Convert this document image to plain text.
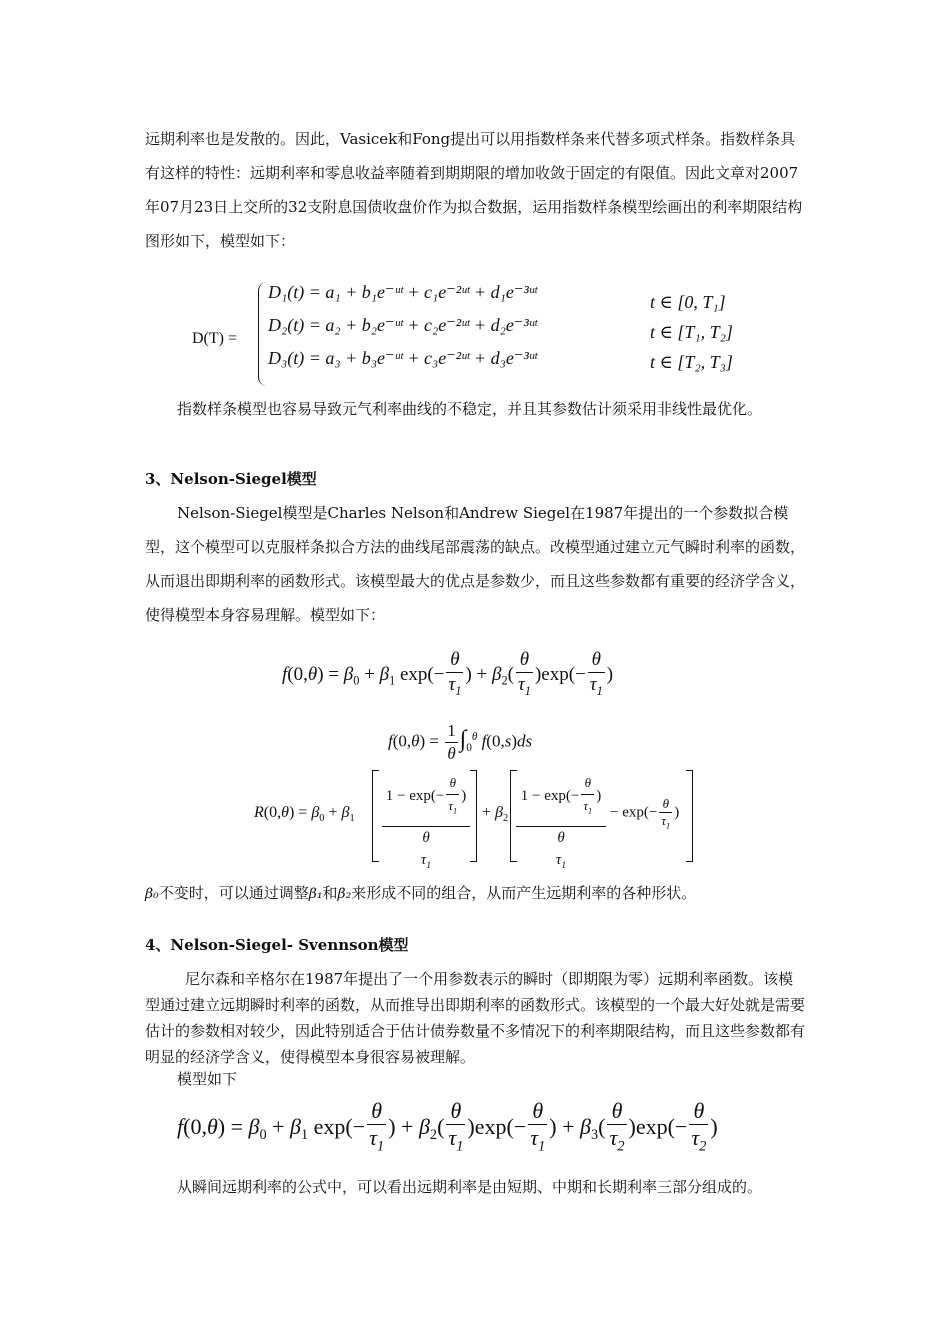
远期利率也是发散的。因此，Vasicek和Fong提出可以用指数样条来代替多项式样条。指数样条具有这样的特性：远期利率和零息收益率随着到期期限的增加收敛于固定的有限值。因此文章对2007年07月23日上交所的32支附息国债收盘价作为拟合数据，运用指数样条模型绘画出的利率期限结构图形如下，模型如下：

D(T) =
D₁(t) = a₁ + b₁e⁻ᵘᵗ + c₁e⁻²ᵘᵗ + d₁e⁻³ᵘᵗ
D₂(t) = a₂ + b₂e⁻ᵘᵗ + c₂e⁻²ᵘᵗ + d₂e⁻³ᵘᵗ
D₃(t) = a₃ + b₃e⁻ᵘᵗ + c₃e⁻²ᵘᵗ + d₃e⁻³ᵘᵗ
t ∈ [0, T₁]
t ∈ [T₁, T₂]
t ∈ [T₂, T₃]

指数样条模型也容易导致元气利率曲线的不稳定，并且其参数估计须采用非线性最优化。

3、Nelson-Siegel模型

Nelson-Siegel模型是Charles Nelson和Andrew Siegel在1987年提出的一个参数拟合模型，这个模型可以克服样条拟合方法的曲线尾部震荡的缺点。改模型通过建立元气瞬时利率的函数，从而退出即期利率的函数形式。该模型最大的优点是参数少，而且这些参数都有重要的经济学含义，使得模型本身容易理解。模型如下：

$f(0,\theta) = \beta_0 + \beta_1$ $\exp(- \frac{\theta}{\tau_1}$ ) + $\beta_2( \frac{\theta}{\tau_1} )\exp(- \frac{\theta}{\tau_1}$ )
$f(0,\theta) = \frac{1}{\theta} \int_0^\theta$ f(0,s)ds
$R(0,\theta) = \beta_0 + \beta_1$
$1 - \exp(- \frac{\theta}{\tau_1}$ )
θ
$\tau_1$
+ $\beta_2$
$1 - \exp(- \frac{\theta}{\tau_1}$ )
θ
$\tau_1$
− $\exp(- \frac{\theta}{\tau_1}$ )

β₀不变时，可以通过调整β₁和β₂来形成不同的组合，从而产生远期利率的各种形状。

4、Nelson-Siegel- Svennson模型

尼尔森和辛格尔在1987年提出了一个用参数表示的瞬时（即期限为零）远期利率函数。该模型通过建立远期瞬时利率的函数，从而推导出即期利率的函数形式。该模型的一个最大好处就是需要估计的参数相对较少，因此特别适合于估计债券数量不多情况下的利率期限结构，而且这些参数都有明显的经济学含义，使得模型本身很容易被理解。

模型如下

$f(0,\theta) = \beta_0 + \beta_1$ $\exp(- \frac{\theta}{\tau_1}$ ) + $\beta_2( \frac{\theta}{\tau_1} )\exp(- \frac{\theta}{\tau_1}$ ) + $\beta_3( \frac{\theta}{\tau_2} )\exp(- \frac{\theta}{\tau_2}$ )

从瞬间远期利率的公式中，可以看出远期利率是由短期、中期和长期利率三部分组成的。
